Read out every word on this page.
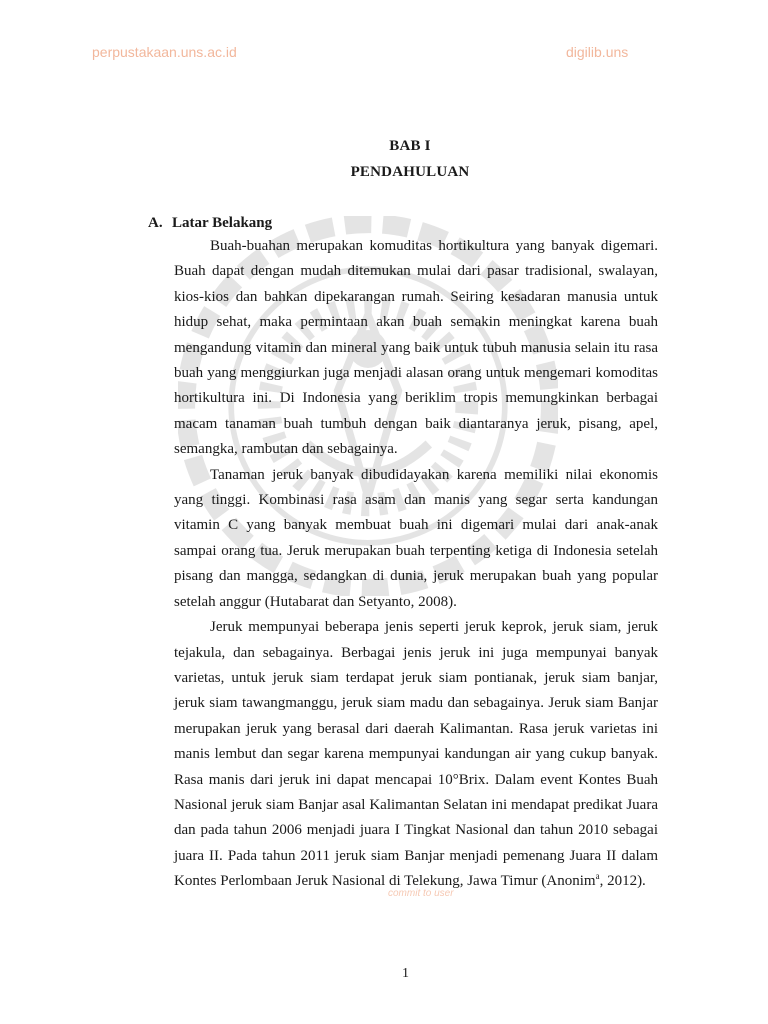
perpustakaan.uns.ac.id	digilib.uns
BAB I
PENDAHULUAN
A. Latar Belakang

Buah-buahan merupakan komuditas hortikultura yang banyak digemari. Buah dapat dengan mudah ditemukan mulai dari pasar tradisional, swalayan, kios-kios dan bahkan dipekarangan rumah. Seiring kesadaran manusia untuk hidup sehat, maka permintaan akan buah semakin meningkat karena buah mengandung vitamin dan mineral yang baik untuk tubuh manusia selain itu rasa buah yang menggiurkan juga menjadi alasan orang untuk mengemari komoditas hortikultura ini. Di Indonesia yang beriklim tropis memungkinkan berbagai macam tanaman buah tumbuh dengan baik diantaranya jeruk, pisang, apel, semangka, rambutan dan sebagainya.

Tanaman jeruk banyak dibudidayakan karena memiliki nilai ekonomis yang tinggi. Kombinasi rasa asam dan manis yang segar serta kandungan vitamin C yang banyak membuat buah ini digemari mulai dari anak-anak sampai orang tua. Jeruk merupakan buah terpenting ketiga di Indonesia setelah pisang dan mangga, sedangkan di dunia, jeruk merupakan buah yang popular setelah anggur (Hutabarat dan Setyanto, 2008).

Jeruk mempunyai beberapa jenis seperti jeruk keprok, jeruk siam, jeruk tejakula, dan sebagainya. Berbagai jenis jeruk ini juga mempunyai banyak varietas, untuk jeruk siam terdapat jeruk siam pontianak, jeruk siam banjar, jeruk siam tawangmanggu, jeruk siam madu dan sebagainya. Jeruk siam Banjar merupakan jeruk yang berasal dari daerah Kalimantan. Rasa jeruk varietas ini manis lembut dan segar karena mempunyai kandungan air yang cukup banyak. Rasa manis dari jeruk ini dapat mencapai 10°Brix. Dalam event Kontes Buah Nasional jeruk siam Banjar asal Kalimantan Selatan ini mendapat predikat Juara dan pada tahun 2006 menjadi juara I Tingkat Nasional dan tahun 2010 sebagai juara II. Pada tahun 2011 jeruk siam Banjar menjadi pemenang Juara II dalam Kontes Perlombaan Jeruk Nasional di Telekung, Jawa Timur (Anonim$^a$, 2012).

commit to user
1
